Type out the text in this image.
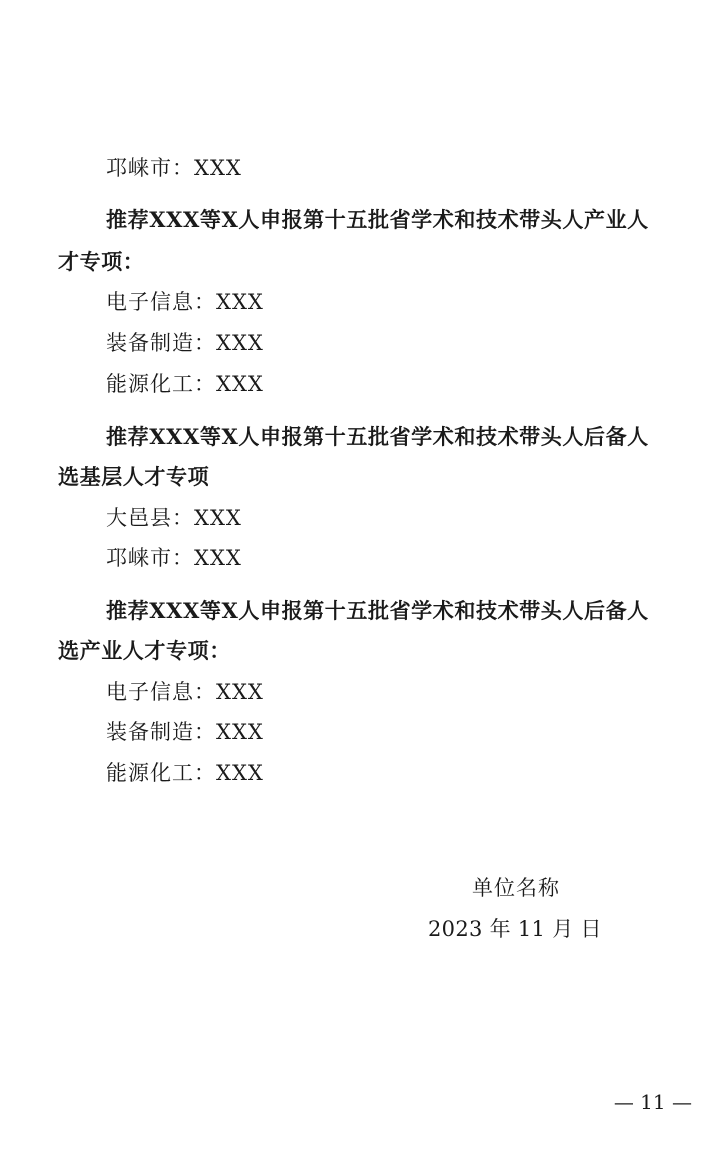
邛崃市：XXX
推荐XXX等X人申报第十五批省学术和技术带头人产业人
才专项：
电子信息：XXX
装备制造：XXX
能源化工：XXX
推荐XXX等X人申报第十五批省学术和技术带头人后备人
选基层人才专项
大邑县：XXX
邛崃市：XXX
推荐XXX等X人申报第十五批省学术和技术带头人后备人
选产业人才专项：
电子信息：XXX
装备制造：XXX
能源化工：XXX
单位名称
2023 年 11 月 日
— 11 —
